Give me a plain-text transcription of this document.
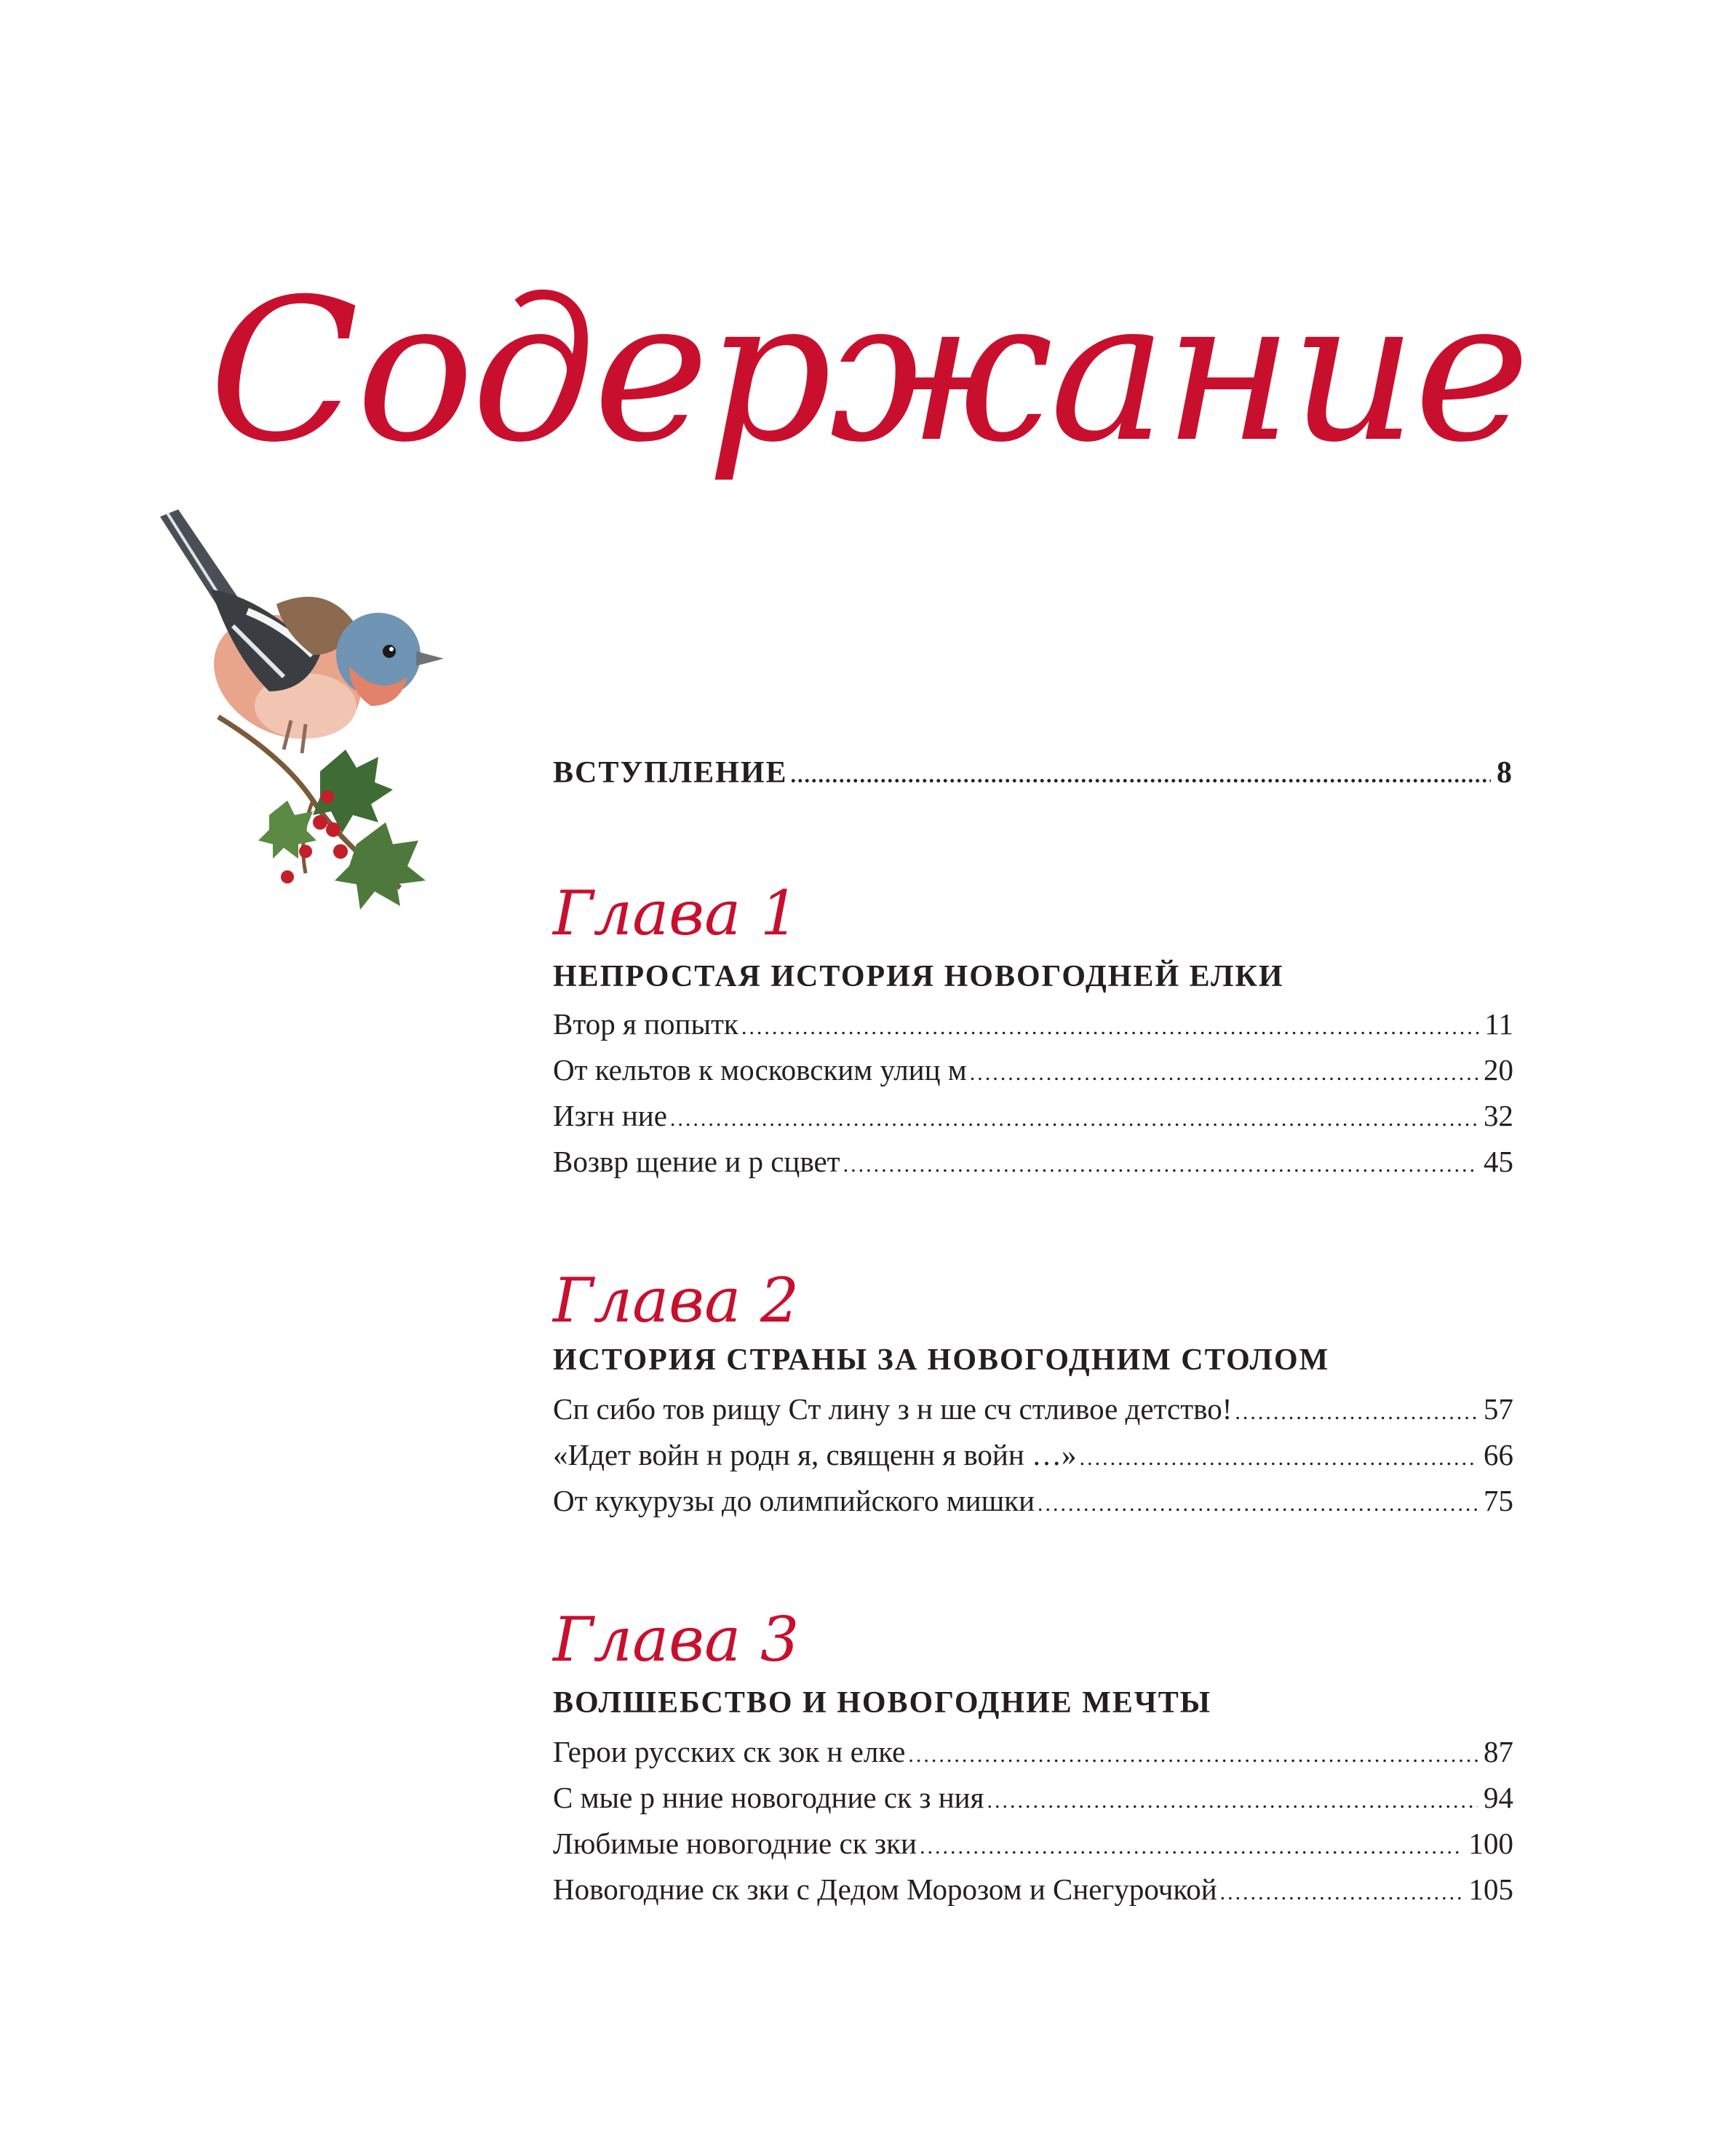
Содержание
ВСТУПЛЕНИЕ .....	8
Глава 1
НЕПРОСТАЯ ИСТОРИЯ НОВОГОДНЕЙ ЕЛКИ
Втор я попытк .....	11
От кельтов к московским улиц м .....	20
Изгн ние .....	32
Возвр щение и р сцвет .....	45
Глава 2
ИСТОРИЯ СТРАНЫ ЗА НОВОГОДНИМ СТОЛОМ
Сп сибо тов рищу Ст лину з н ше сч стливое детство! .....	57
«Идет войн н родн я, священн я войн …» .....	66
От кукурузы до олимпийского мишки .....	75
Глава 3
ВОЛШЕБСТВО И НОВОГОДНИЕ МЕЧТЫ
Герои русских ск зок н елке .....	87
С мые р нние новогодние ск з ния .....	94
Любимые новогодние ск зки .....	100
Новогодние ск зки с Дедом Морозом и Снегурочкой .....	105
